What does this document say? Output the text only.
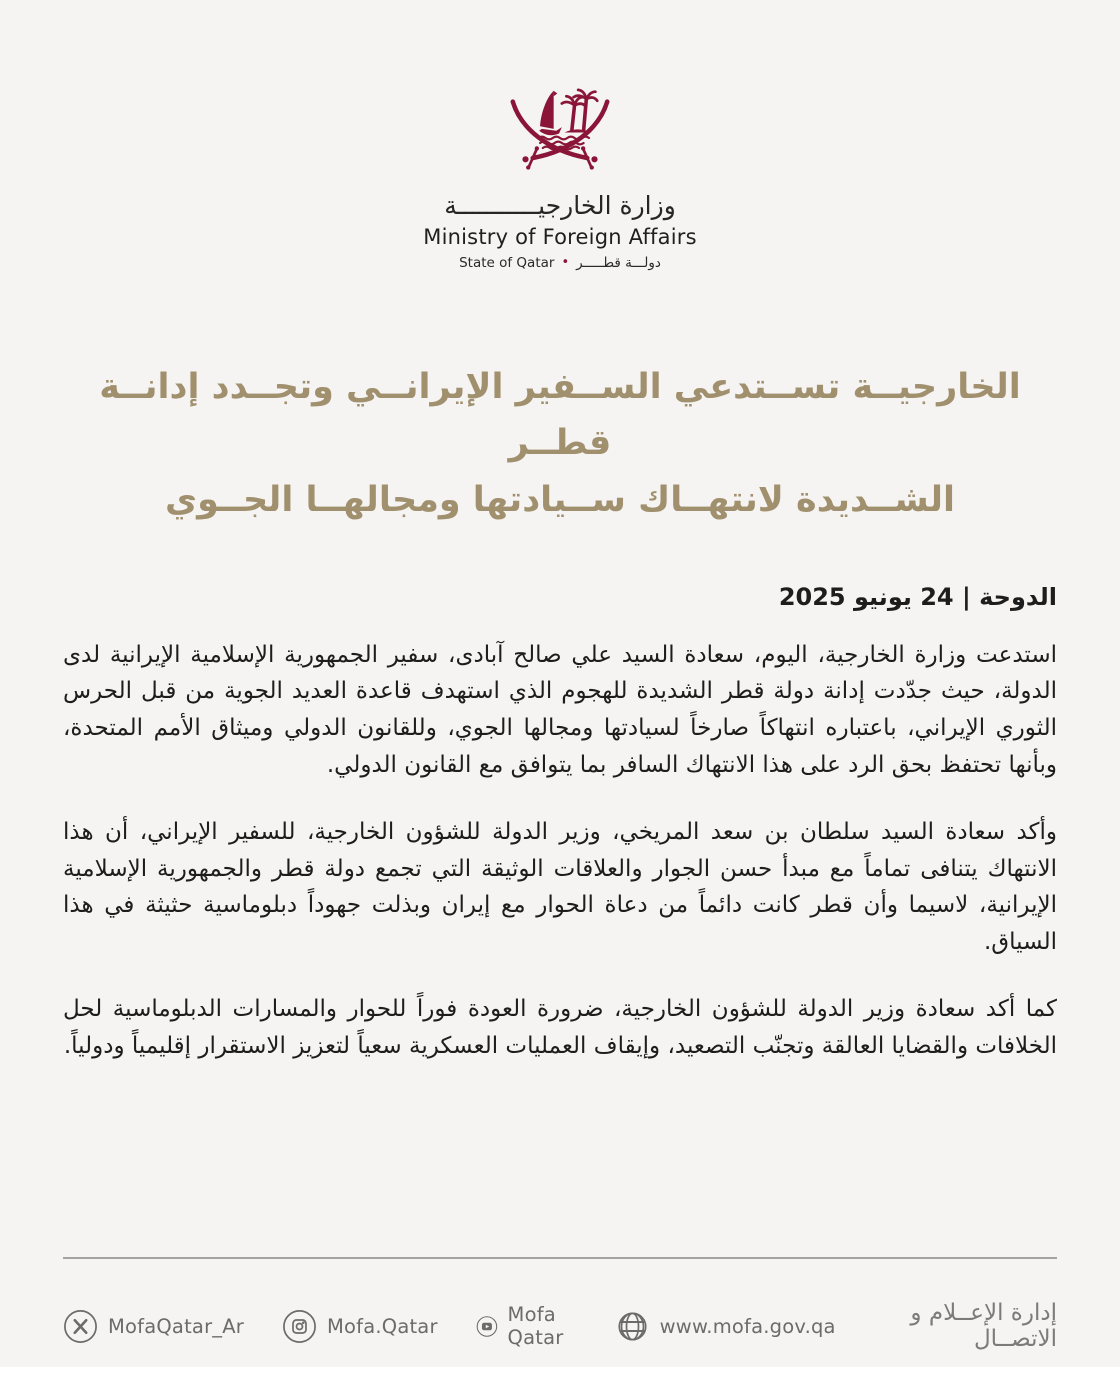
وزارة الخارجيـــــــــــة
Ministry of Foreign Affairs
State of Qatar • دولـــة قطـــــر
الخارجيــة تســتدعي الســفير الإيرانــي وتجــدد إدانــة قطــر
الشــديدة لانتهــاك ســيادتها ومجالهــا الجــوي
الدوحة | 24 يونيو 2025

استدعت وزارة الخارجية، اليوم، سعادة السيد علي صالح آبادى، سفير الجمهورية الإسلامية الإيرانية لدى الدولة، حيث جدّدت إدانة دولة قطر الشديدة للهجوم الذي استهدف قاعدة العديد الجوية من قبل الحرس الثوري الإيراني، باعتباره انتهاكاً صارخاً لسيادتها ومجالها الجوي، وللقانون الدولي وميثاق الأمم المتحدة، وبأنها تحتفظ بحق الرد على هذا الانتهاك السافر بما يتوافق مع القانون الدولي.

وأكد سعادة السيد سلطان بن سعد المريخي، وزير الدولة للشؤون الخارجية، للسفير الإيراني، أن هذا الانتهاك يتنافى تماماً مع مبدأ حسن الجوار والعلاقات الوثيقة التي تجمع دولة قطر والجمهورية الإسلامية الإيرانية، لاسيما وأن قطر كانت دائماً من دعاة الحوار مع إيران وبذلت جهوداً دبلوماسية حثيثة في هذا السياق.

كما أكد سعادة وزير الدولة للشؤون الخارجية، ضرورة العودة فوراً للحوار والمسارات الدبلوماسية لحل الخلافات والقضايا العالقة وتجنّب التصعيد، وإيقاف العمليات العسكرية سعياً لتعزيز الاستقرار إقليمياً ودولياً.

MofaQatar_Ar	Mofa.Qatar	Mofa Qatar	www.mofa.gov.qa	إدارة الإعــلام و الاتصــال
